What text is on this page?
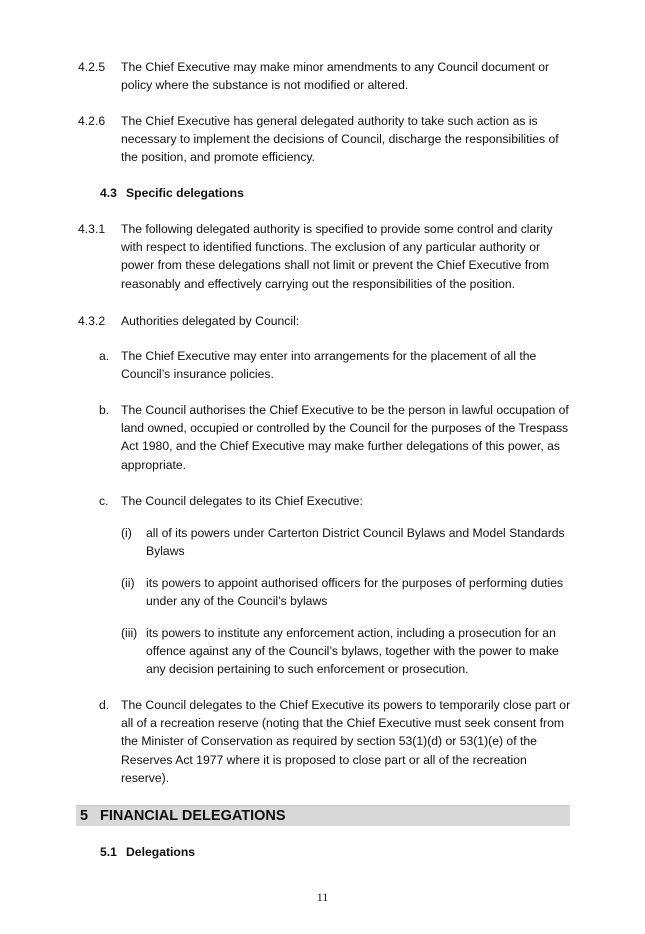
4.2.5 The Chief Executive may make minor amendments to any Council document or policy where the substance is not modified or altered.
4.2.6 The Chief Executive has general delegated authority to take such action as is necessary to implement the decisions of Council, discharge the responsibilities of the position, and promote efficiency.
4.3 Specific delegations
4.3.1 The following delegated authority is specified to provide some control and clarity with respect to identified functions. The exclusion of any particular authority or power from these delegations shall not limit or prevent the Chief Executive from reasonably and effectively carrying out the responsibilities of the position.
4.3.2 Authorities delegated by Council:
a. The Chief Executive may enter into arrangements for the placement of all the Council’s insurance policies.
b. The Council authorises the Chief Executive to be the person in lawful occupation of land owned, occupied or controlled by the Council for the purposes of the Trespass Act 1980, and the Chief Executive may make further delegations of this power, as appropriate.
c. The Council delegates to its Chief Executive:
(i) all of its powers under Carterton District Council Bylaws and Model Standards Bylaws
(ii) its powers to appoint authorised officers for the purposes of performing duties under any of the Council’s bylaws
(iii) its powers to institute any enforcement action, including a prosecution for an offence against any of the Council’s bylaws, together with the power to make any decision pertaining to such enforcement or prosecution.
d. The Council delegates to the Chief Executive its powers to temporarily close part or all of a recreation reserve (noting that the Chief Executive must seek consent from the Minister of Conservation as required by section 53(1)(d) or 53(1)(e) of the Reserves Act 1977 where it is proposed to close part or all of the recreation reserve).
5 FINANCIAL DELEGATIONS
5.1 Delegations
11
